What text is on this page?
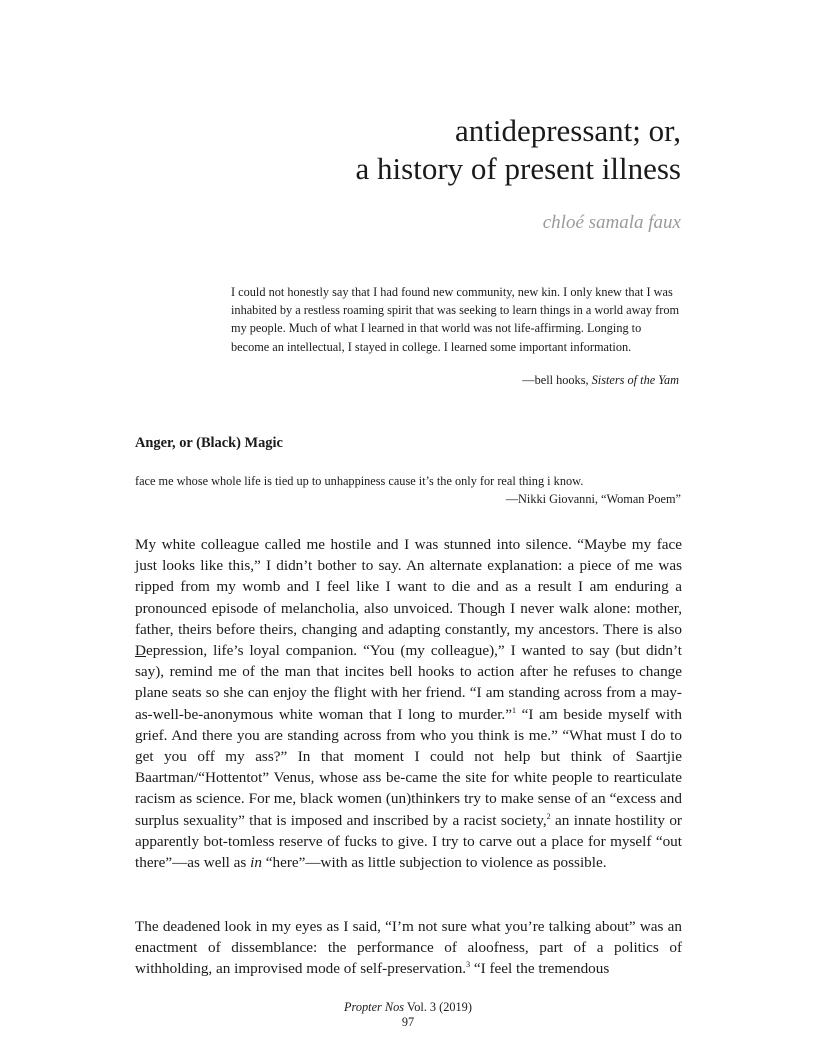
antidepressant; or,
a history of present illness
chloé samala faux
I could not honestly say that I had found new community, new kin. I only knew that I was inhabited by a restless roaming spirit that was seeking to learn things in a world away from my people. Much of what I learned in that world was not life-affirming. Longing to become an intellectual, I stayed in college. I learned some important information.
—bell hooks, Sisters of the Yam
Anger, or (Black) Magic
face me whose whole life is tied up to unhappiness cause it’s the only for real thing i know.
—Nikki Giovanni, “Woman Poem”
My white colleague called me hostile and I was stunned into silence. “Maybe my face just looks like this,” I didn’t bother to say. An alternate explanation: a piece of me was ripped from my womb and I feel like I want to die and as a result I am enduring a pronounced episode of melancholia, also unvoiced. Though I never walk alone: mother, father, theirs before theirs, changing and adapting constantly, my ancestors. There is also Depression, life’s loyal companion. “You (my colleague),” I wanted to say (but didn’t say), remind me of the man that incites bell hooks to action after he refuses to change plane seats so she can enjoy the flight with her friend. “I am standing across from a may-as-well-be-anonymous white woman that I long to murder.”$^1$ “I am beside myself with grief. And there you are standing across from who you think is me.” “What must I do to get you off my ass?” In that moment I could not help but think of Saartjie Baartman/“Hottentot” Venus, whose ass be-came the site for white people to rearticulate racism as science. For me, black women (un)thinkers try to make sense of an “excess and surplus sexuality” that is imposed and inscribed by a racist society,$^2$ an innate hostility or apparently bot-tomless reserve of fucks to give. I try to carve out a place for myself “out there”—as well as in “here”—with as little subjection to violence as possible.
The deadened look in my eyes as I said, “I’m not sure what you’re talking about” was an enactment of dissemblance: the performance of aloofness, part of a politics of withholding, an improvised mode of self-preservation.$^3$ “I feel the tremendous
Propter Nos Vol. 3 (2019)
97
